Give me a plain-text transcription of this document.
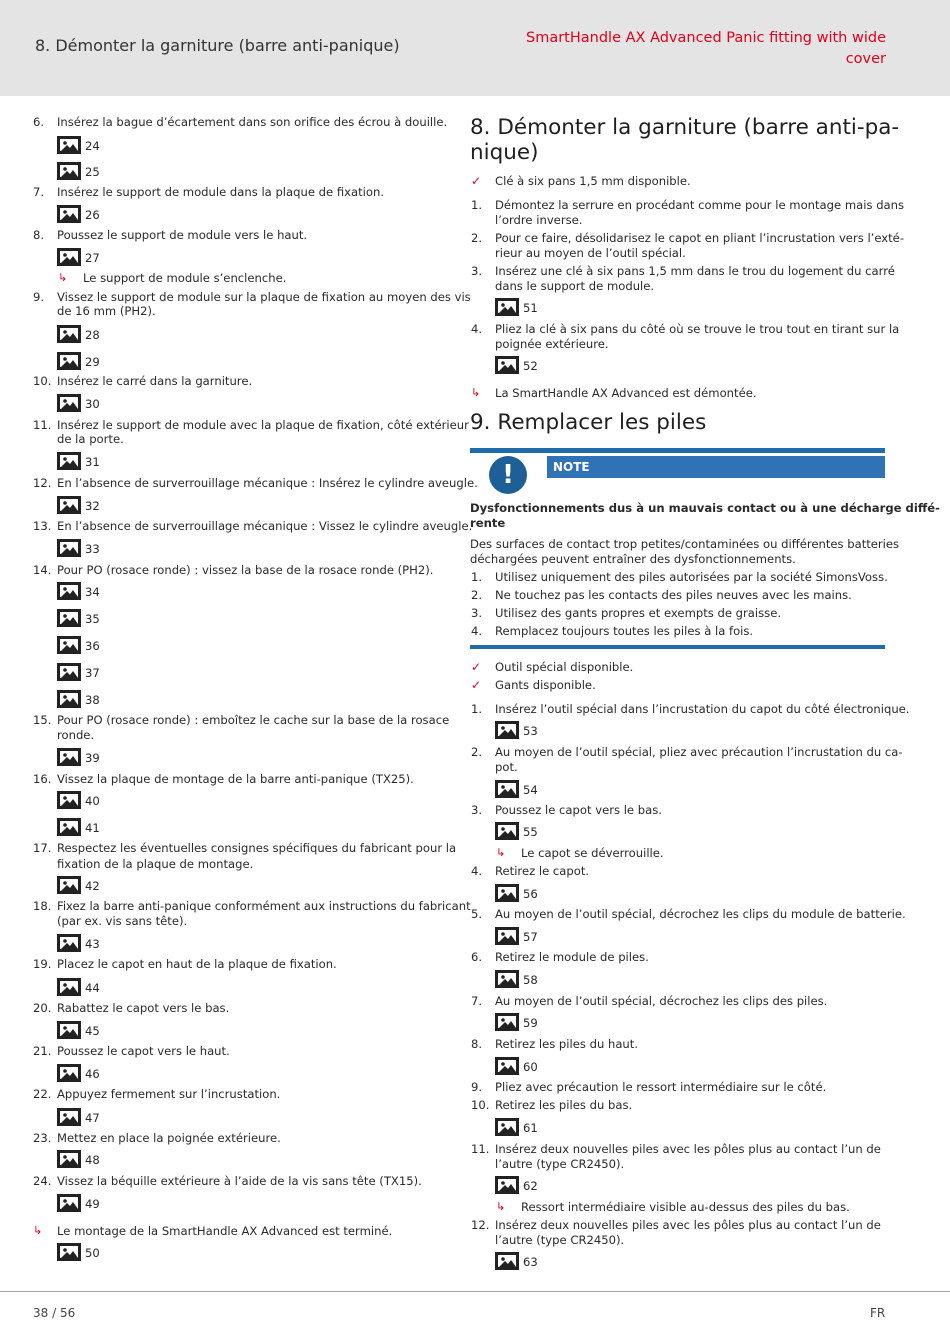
8. Démonter la garniture (barre anti-panique)	SmartHandle AX Advanced Panic fitting with wide cover
6. Insérez la bague d’écartement dans son orifice des écrou à douille.
24
25
7. Insérez le support de module dans la plaque de fixation.
26
8. Poussez le support de module vers le haut.
27
↳ Le support de module s’enclenche.
9. Vissez le support de module sur la plaque de fixation au moyen des vis
de 16 mm (PH2).
28
29
10. Insérez le carré dans la garniture.
30
11. Insérez le support de module avec la plaque de fixation, côté extérieur
de la porte.
31
12. En l’absence de surverrouillage mécanique : Insérez le cylindre aveugle.
32
13. En l’absence de surverrouillage mécanique : Vissez le cylindre aveugle.
33
14. Pour PO (rosace ronde) : vissez la base de la rosace ronde (PH2).
34
35
36
37
38
15. Pour PO (rosace ronde) : emboîtez le cache sur la base de la rosace
ronde.
39
16. Vissez la plaque de montage de la barre anti-panique (TX25).
40
41
17. Respectez les éventuelles consignes spécifiques du fabricant pour la
fixation de la plaque de montage.
42
18. Fixez la barre anti-panique conformément aux instructions du fabricant
(par ex. vis sans tête).
43
19. Placez le capot en haut de la plaque de fixation.
44
20. Rabattez le capot vers le bas.
45
21. Poussez le capot vers le haut.
46
22. Appuyez fermement sur l’incrustation.
47
23. Mettez en place la poignée extérieure.
48
24. Vissez la béquille extérieure à l’aide de la vis sans tête (TX15).
49
↳ Le montage de la SmartHandle AX Advanced est terminé.
50
8. Démonter la garniture (barre anti-pa-
nique)
✓ Clé à six pans 1,5 mm disponible.
1. Démontez la serrure en procédant comme pour le montage mais dans
l’ordre inverse.
2. Pour ce faire, désolidarisez le capot en pliant l’incrustation vers l’exté-
rieur au moyen de l’outil spécial.
3. Insérez une clé à six pans 1,5 mm dans le trou du logement du carré
dans le support de module.
51
4. Pliez la clé à six pans du côté où se trouve le trou tout en tirant sur la
poignée extérieure.
52
↳ La SmartHandle AX Advanced est démontée.
9. Remplacer les piles
!	NOTE
Dysfonctionnements dus à un mauvais contact ou à une décharge diffé-
rente
Des surfaces de contact trop petites/contaminées ou différentes batteries
déchargées peuvent entraîner des dysfonctionnements.
1. Utilisez uniquement des piles autorisées par la société SimonsVoss.
2. Ne touchez pas les contacts des piles neuves avec les mains.
3. Utilisez des gants propres et exempts de graisse.
4. Remplacez toujours toutes les piles à la fois.
✓ Outil spécial disponible.
✓ Gants disponible.
1. Insérez l’outil spécial dans l’incrustation du capot du côté électronique.
53
2. Au moyen de l’outil spécial, pliez avec précaution l’incrustation du ca-
pot.
54
3. Poussez le capot vers le bas.
55
↳ Le capot se déverrouille.
4. Retirez le capot.
56
5. Au moyen de l’outil spécial, décrochez les clips du module de batterie.
57
6. Retirez le module de piles.
58
7. Au moyen de l’outil spécial, décrochez les clips des piles.
59
8. Retirez les piles du haut.
60
9. Pliez avec précaution le ressort intermédiaire sur le côté.
10. Retirez les piles du bas.
61
11. Insérez deux nouvelles piles avec les pôles plus au contact l’un de
l’autre (type CR2450).
62
↳ Ressort intermédiaire visible au-dessus des piles du bas.
12. Insérez deux nouvelles piles avec les pôles plus au contact l’un de
l’autre (type CR2450).
63
38 / 56	FR
